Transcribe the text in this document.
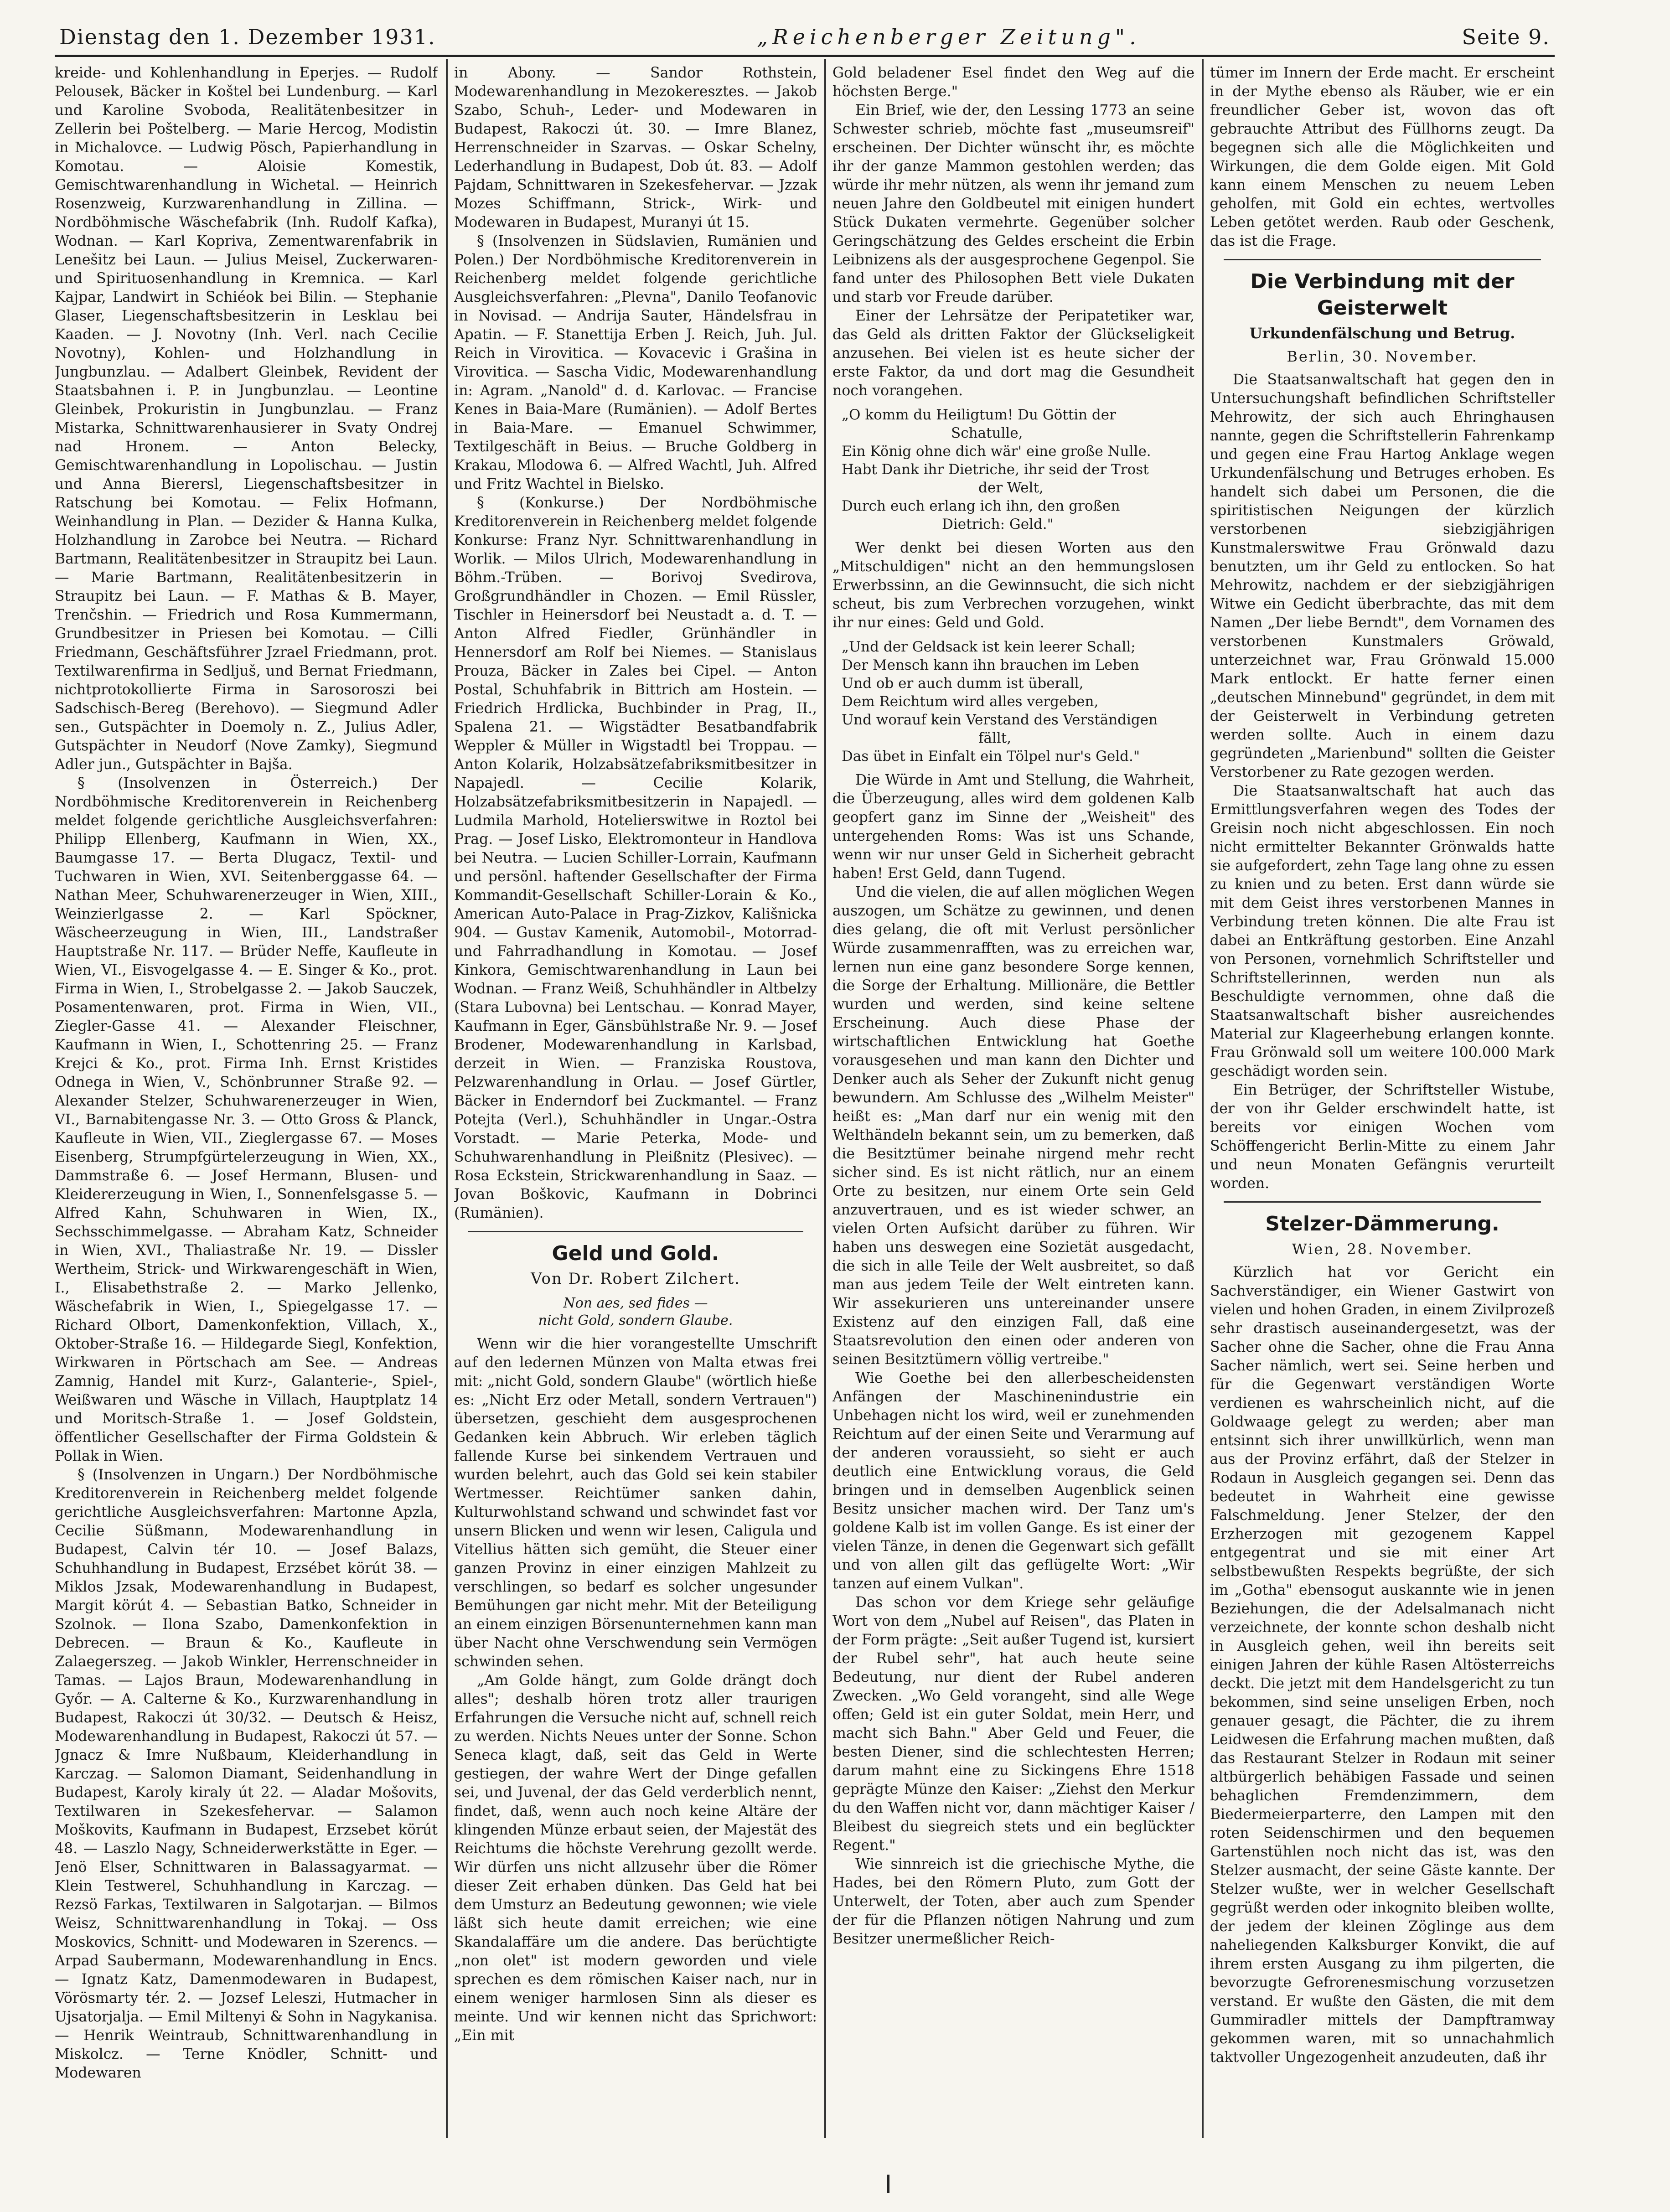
Dienstag den 1. Dezember 1931.	„Reichenberger Zeitung".	Seite 9.

kreide- und Kohlenhandlung in Eperjes. — Rudolf Pelousek, Bäcker in Koštel bei Lundenburg. — Karl und Karoline Svoboda, Realitätenbesitzer in Zellerin bei Poštelberg. — Marie Hercog, Modistin in Michalovce. — Ludwig Pösch, Papierhandlung in Komotau. — Aloisie Komestik, Gemischtwarenhandlung in Wichetal. — Heinrich Rosenzweig, Kurzwarenhandlung in Zillina. — Nordböhmische Wäschefabrik (Inh. Rudolf Kafka), Wodnan. — Karl Kopriva, Zementwarenfabrik in Lenešitz bei Laun. — Julius Meisel, Zuckerwaren- und Spirituosenhandlung in Kremnica. — Karl Kajpar, Landwirt in Schiéok bei Bilin. — Stephanie Glaser, Liegenschaftsbesitzerin in Lesklau bei Kaaden. — J. Novotny (Inh. Verl. nach Cecilie Novotny), Kohlen- und Holzhandlung in Jungbunzlau. — Adalbert Gleinbek, Revident der Staatsbahnen i. P. in Jungbunzlau. — Leontine Gleinbek, Prokuristin in Jungbunzlau. — Franz Mistarka, Schnittwarenhausierer in Svaty Ondrej nad Hronem. — Anton Belecky, Gemischtwarenhandlung in Lopolischau. — Justin und Anna Bierersl, Liegenschaftsbesitzer in Ratschung bei Komotau. — Felix Hofmann, Weinhandlung in Plan. — Dezider & Hanna Kulka, Holzhandlung in Zarobce bei Neutra. — Richard Bartmann, Realitätenbesitzer in Straupitz bei Laun. — Marie Bartmann, Realitätenbesitzerin in Straupitz bei Laun. — F. Mathas & B. Mayer, Trenčshin. — Friedrich und Rosa Kummermann, Grundbesitzer in Priesen bei Komotau. — Cilli Friedmann, Geschäftsführer Jzrael Friedmann, prot. Textilwarenfirma in Sedljuš, und Bernat Friedmann, nichtprotokollierte Firma in Sarosoroszi bei Sadschisch-Bereg (Berehovo). — Siegmund Adler sen., Gutspächter in Doemoly n. Z., Julius Adler, Gutspächter in Neudorf (Nove Zamky), Siegmund Adler jun., Gutspächter in Bajša.

§ (Insolvenzen in Österreich.) Der Nordböhmische Kreditorenverein in Reichenberg meldet folgende gerichtliche Ausgleichsverfahren: Philipp Ellenberg, Kaufmann in Wien, XX., Baumgasse 17. — Berta Dlugacz, Textil- und Tuchwaren in Wien, XVI. Seitenberggasse 64. — Nathan Meer, Schuhwarenerzeuger in Wien, XIII., Weinzierlgasse 2. — Karl Spöckner, Wäscheerzeugung in Wien, III., Landstraßer Hauptstraße Nr. 117. — Brüder Neffe, Kaufleute in Wien, VI., Eisvogelgasse 4. — E. Singer & Ko., prot. Firma in Wien, I., Strobelgasse 2. — Jakob Sauczek, Posamentenwaren, prot. Firma in Wien, VII., Ziegler-Gasse 41. — Alexander Fleischner, Kaufmann in Wien, I., Schottenring 25. — Franz Krejci & Ko., prot. Firma Inh. Ernst Kristides Odnega in Wien, V., Schönbrunner Straße 92. — Alexander Stelzer, Schuhwarenerzeuger in Wien, VI., Barnabitengasse Nr. 3. — Otto Gross & Planck, Kaufleute in Wien, VII., Zieglergasse 67. — Moses Eisenberg, Strumpfgürtelerzeugung in Wien, XX., Dammstraße 6. — Josef Hermann, Blusen- und Kleidererzeugung in Wien, I., Sonnenfelsgasse 5. — Alfred Kahn, Schuhwaren in Wien, IX., Sechsschimmelgasse. — Abraham Katz, Schneider in Wien, XVI., Thaliastraße Nr. 19. — Dissler Wertheim, Strick- und Wirkwarengeschäft in Wien, I., Elisabethstraße 2. — Marko Jellenko, Wäschefabrik in Wien, I., Spiegelgasse 17. — Richard Olbort, Damenkonfektion, Villach, X., Oktober-Straße 16. — Hildegarde Siegl, Konfektion, Wirkwaren in Pörtschach am See. — Andreas Zamnig, Handel mit Kurz-, Galanterie-, Spiel-, Weißwaren und Wäsche in Villach, Hauptplatz 14 und Moritsch-Straße 1. — Josef Goldstein, öffentlicher Gesellschafter der Firma Goldstein & Pollak in Wien.

§ (Insolvenzen in Ungarn.) Der Nordböhmische Kreditorenverein in Reichenberg meldet folgende gerichtliche Ausgleichsverfahren: Martonne Apzla, Cecilie Süßmann, Modewarenhandlung in Budapest, Calvin tér 10. — Josef Balazs, Schuhhandlung in Budapest, Erzsébet körút 38. — Miklos Jzsak, Modewarenhandlung in Budapest, Margit körút 4. — Sebastian Batko, Schneider in Szolnok. — Ilona Szabo, Damenkonfektion in Debrecen. — Braun & Ko., Kaufleute in Zalaegerszeg. — Jakob Winkler, Herrenschneider in Tamas. — Lajos Braun, Modewarenhandlung in Győr. — A. Calterne & Ko., Kurzwarenhandlung in Budapest, Rakoczi út 30/32. — Deutsch & Heisz, Modewarenhandlung in Budapest, Rakoczi út 57. — Jgnacz & Imre Nußbaum, Kleiderhandlung in Karczag. — Salomon Diamant, Seidenhandlung in Budapest, Karoly kiraly út 22. — Aladar Mošovits, Textilwaren in Szekesfehervar. — Salamon Moškovits, Kaufmann in Budapest, Erzsebet körút 48. — Laszlo Nagy, Schneiderwerkstätte in Eger. — Jenö Elser, Schnittwaren in Balassagyarmat. — Klein Testwerel, Schuhhandlung in Karczag. — Rezsö Farkas, Textilwaren in Salgotarjan. — Bilmos Weisz, Schnittwarenhandlung in Tokaj. — Oss Moskovics, Schnitt- und Modewaren in Szerencs. — Arpad Saubermann, Modewarenhandlung in Encs. — Ignatz Katz, Damenmodewaren in Budapest, Vörösmarty tér. 2. — Jozsef Leleszi, Hutmacher in Ujsatorjalja. — Emil Miltenyi & Sohn in Nagykanisa. — Henrik Weintraub, Schnittwarenhandlung in Miskolcz. — Terne Knödler, Schnitt- und Modewaren

in Abony. — Sandor Rothstein, Modewarenhandlung in Mezokeresztes. — Jakob Szabo, Schuh-, Leder- und Modewaren in Budapest, Rakoczi út. 30. — Imre Blanez, Herrenschneider in Szarvas. — Oskar Schelny, Lederhandlung in Budapest, Dob út. 83. — Adolf Pajdam, Schnittwaren in Szekesfehervar. — Jzzak Mozes Schiffmann, Strick-, Wirk- und Modewaren in Budapest, Muranyi út 15.

§ (Insolvenzen in Südslavien, Rumänien und Polen.) Der Nordböhmische Kreditorenverein in Reichenberg meldet folgende gerichtliche Ausgleichsverfahren: „Plevna", Danilo Teofanovic in Novisad. — Andrija Sauter, Händelsfrau in Apatin. — F. Stanettija Erben J. Reich, Juh. Jul. Reich in Virovitica. — Kovacevic i Grašina in Virovitica. — Sascha Vidic, Modewarenhandlung in: Agram. „Nanold" d. d. Karlovac. — Francise Kenes in Baia-Mare (Rumänien). — Adolf Bertes in Baia-Mare. — Emanuel Schwimmer, Textilgeschäft in Beius. — Bruche Goldberg in Krakau, Mlodowa 6. — Alfred Wachtl, Juh. Alfred und Fritz Wachtel in Bielsko.

§ (Konkurse.) Der Nordböhmische Kreditorenverein in Reichenberg meldet folgende Konkurse: Franz Nyr. Schnittwarenhandlung in Worlik. — Milos Ulrich, Modewarenhandlung in Böhm.-Trüben. — Borivoj Svedirova, Großgrundhändler in Chozen. — Emil Rüssler, Tischler in Heinersdorf bei Neustadt a. d. T. — Anton Alfred Fiedler, Grünhändler in Hennersdorf am Rolf bei Niemes. — Stanislaus Prouza, Bäcker in Zales bei Cipel. — Anton Postal, Schuhfabrik in Bittrich am Hostein. — Friedrich Hrdlicka, Buchbinder in Prag, II., Spalena 21. — Wigstädter Besatbandfabrik Weppler & Müller in Wigstadtl bei Troppau. — Anton Kolarik, Holzabsätzefabriksmitbesitzer in Napajedl. — Cecilie Kolarik, Holzabsätzefabriksmitbesitzerin in Napajedl. — Ludmila Marhold, Hotelierswitwe in Roztol bei Prag. — Josef Lisko, Elektromonteur in Handlova bei Neutra. — Lucien Schiller-Lorrain, Kaufmann und persönl. haftender Gesellschafter der Firma Kommandit-Gesellschaft Schiller-Lorain & Ko., American Auto-Palace in Prag-Zizkov, Kališnicka 904. — Gustav Kamenik, Automobil-, Motorrad- und Fahrradhandlung in Komotau. — Josef Kinkora, Gemischtwarenhandlung in Laun bei Wodnan. — Franz Weiß, Schuhhändler in Altbelzy (Stara Lubovna) bei Lentschau. — Konrad Mayer, Kaufmann in Eger, Gänsbühlstraße Nr. 9. — Josef Brodener, Modewarenhandlung in Karlsbad, derzeit in Wien. — Franziska Roustova, Pelzwarenhandlung in Orlau. — Josef Gürtler, Bäcker in Enderndorf bei Zuckmantel. — Franz Potejta (Verl.), Schuhhändler in Ungar.-Ostra Vorstadt. — Marie Peterka, Mode- und Schuhwarenhandlung in Pleißnitz (Plesivec). — Rosa Eckstein, Strickwarenhandlung in Saaz. — Jovan Boškovic, Kaufmann in Dobrinci (Rumänien).

Geld und Gold.
Von Dr. Robert Zilchert.
Non aes, sed fides —
nicht Gold, sondern Glaube.

Wenn wir die hier vorangestellte Umschrift auf den ledernen Münzen von Malta etwas frei mit: „nicht Gold, sondern Glaube" (wörtlich hieße es: „Nicht Erz oder Metall, sondern Vertrauen") übersetzen, geschieht dem ausgesprochenen Gedanken kein Abbruch. Wir erleben täglich fallende Kurse bei sinkendem Vertrauen und wurden belehrt, auch das Gold sei kein stabiler Wertmesser. Reichtümer sanken dahin, Kulturwohlstand schwand und schwindet fast vor unsern Blicken und wenn wir lesen, Caligula und Vitellius hätten sich gemüht, die Steuer einer ganzen Provinz in einer einzigen Mahlzeit zu verschlingen, so bedarf es solcher ungesunder Bemühungen gar nicht mehr. Mit der Beteiligung an einem einzigen Börsenunternehmen kann man über Nacht ohne Verschwendung sein Vermögen schwinden sehen.

„Am Golde hängt, zum Golde drängt doch alles"; deshalb hören trotz aller traurigen Erfahrungen die Versuche nicht auf, schnell reich zu werden. Nichts Neues unter der Sonne. Schon Seneca klagt, daß, seit das Geld in Werte gestiegen, der wahre Wert der Dinge gefallen sei, und Juvenal, der das Geld verderblich nennt, findet, daß, wenn auch noch keine Altäre der klingenden Münze erbaut seien, der Majestät des Reichtums die höchste Verehrung gezollt werde. Wir dürfen uns nicht allzusehr über die Römer dieser Zeit erhaben dünken. Das Geld hat bei dem Umsturz an Bedeutung gewonnen; wie viele läßt sich heute damit erreichen; wie eine Skandalaffäre um die andere. Das berüchtigte „non olet" ist modern geworden und viele sprechen es dem römischen Kaiser nach, nur in einem weniger harmlosen Sinn als dieser es meinte. Und wir kennen nicht das Sprichwort: „Ein mit

Gold beladener Esel findet den Weg auf die höchsten Berge."

Ein Brief, wie der, den Lessing 1773 an seine Schwester schrieb, möchte fast „museumsreif" erscheinen. Der Dichter wünscht ihr, es möchte ihr der ganze Mammon gestohlen werden; das würde ihr mehr nützen, als wenn ihr jemand zum neuen Jahre den Goldbeutel mit einigen hundert Stück Dukaten vermehrte. Gegenüber solcher Geringschätzung des Geldes erscheint die Erbin Leibnizens als der ausgesprochene Gegenpol. Sie fand unter des Philosophen Bett viele Dukaten und starb vor Freude darüber.

Einer der Lehrsätze der Peripatetiker war, das Geld als dritten Faktor der Glückseligkeit anzusehen. Bei vielen ist es heute sicher der erste Faktor, da und dort mag die Gesundheit noch vorangehen.

„O komm du Heiligtum! Du Göttin der
Schatulle,
Ein König ohne dich wär' eine große Nulle.
Habt Dank ihr Dietriche, ihr seid der Trost
der Welt,
Durch euch erlang ich ihn, den großen
Dietrich: Geld."

Wer denkt bei diesen Worten aus den „Mitschuldigen" nicht an den hemmungslosen Erwerbssinn, an die Gewinnsucht, die sich nicht scheut, bis zum Verbrechen vorzugehen, winkt ihr nur eines: Geld und Gold.

„Und der Geldsack ist kein leerer Schall;
Der Mensch kann ihn brauchen im Leben
Und ob er auch dumm ist überall,
Dem Reichtum wird alles vergeben,
Und worauf kein Verstand des Verständigen
fällt,
Das übet in Einfalt ein Tölpel nur's Geld."

Die Würde in Amt und Stellung, die Wahrheit, die Überzeugung, alles wird dem goldenen Kalb geopfert ganz im Sinne der „Weisheit" des untergehenden Roms: Was ist uns Schande, wenn wir nur unser Geld in Sicherheit gebracht haben! Erst Geld, dann Tugend.

Und die vielen, die auf allen möglichen Wegen auszogen, um Schätze zu gewinnen, und denen dies gelang, die oft mit Verlust persönlicher Würde zusammenrafften, was zu erreichen war, lernen nun eine ganz besondere Sorge kennen, die Sorge der Erhaltung. Millionäre, die Bettler wurden und werden, sind keine seltene Erscheinung. Auch diese Phase der wirtschaftlichen Entwicklung hat Goethe vorausgesehen und man kann den Dichter und Denker auch als Seher der Zukunft nicht genug bewundern. Am Schlusse des „Wilhelm Meister" heißt es: „Man darf nur ein wenig mit den Welthändeln bekannt sein, um zu bemerken, daß die Besitztümer beinahe nirgend mehr recht sicher sind. Es ist nicht rätlich, nur an einem Orte zu besitzen, nur einem Orte sein Geld anzuvertrauen, und es ist wieder schwer, an vielen Orten Aufsicht darüber zu führen. Wir haben uns deswegen eine Sozietät ausgedacht, die sich in alle Teile der Welt ausbreitet, so daß man aus jedem Teile der Welt eintreten kann. Wir assekurieren uns untereinander unsere Existenz auf den einzigen Fall, daß eine Staatsrevolution den einen oder anderen von seinen Besitztümern völlig vertreibe."

Wie Goethe bei den allerbescheidensten Anfängen der Maschinenindustrie ein Unbehagen nicht los wird, weil er zunehmenden Reichtum auf der einen Seite und Verarmung auf der anderen voraussieht, so sieht er auch deutlich eine Entwicklung voraus, die Geld bringen und in demselben Augenblick seinen Besitz unsicher machen wird. Der Tanz um's goldene Kalb ist im vollen Gange. Es ist einer der vielen Tänze, in denen die Gegenwart sich gefällt und von allen gilt das geflügelte Wort: „Wir tanzen auf einem Vulkan".

Das schon vor dem Kriege sehr geläufige Wort von dem „Nubel auf Reisen", das Platen in der Form prägte: „Seit außer Tugend ist, kursiert der Rubel sehr", hat auch heute seine Bedeutung, nur dient der Rubel anderen Zwecken. „Wo Geld vorangeht, sind alle Wege offen; Geld ist ein guter Soldat, mein Herr, und macht sich Bahn." Aber Geld und Feuer, die besten Diener, sind die schlechtesten Herren; darum mahnt eine zu Sickingens Ehre 1518 geprägte Münze den Kaiser: „Ziehst den Merkur du den Waffen nicht vor, dann mächtiger Kaiser / Bleibest du siegreich stets und ein beglückter Regent."

Wie sinnreich ist die griechische Mythe, die Hades, bei den Römern Pluto, zum Gott der Unterwelt, der Toten, aber auch zum Spender der für die Pflanzen nötigen Nahrung und zum Besitzer unermeßlicher Reich-

tümer im Innern der Erde macht. Er erscheint in der Mythe ebenso als Räuber, wie er ein freundlicher Geber ist, wovon das oft gebrauchte Attribut des Füllhorns zeugt. Da begegnen sich alle die Möglichkeiten und Wirkungen, die dem Golde eigen. Mit Gold kann einem Menschen zu neuem Leben geholfen, mit Gold ein echtes, wertvolles Leben getötet werden. Raub oder Geschenk, das ist die Frage.

Die Verbindung mit der Geisterwelt
Urkundenfälschung und Betrug.
Berlin, 30. November.

Die Staatsanwaltschaft hat gegen den in Untersuchungshaft befindlichen Schriftsteller Mehrowitz, der sich auch Ehringhausen nannte, gegen die Schriftstellerin Fahrenkamp und gegen eine Frau Hartog Anklage wegen Urkundenfälschung und Betruges erhoben. Es handelt sich dabei um Personen, die die spiritistischen Neigungen der kürzlich verstorbenen siebzigjährigen Kunstmalerswitwe Frau Grönwald dazu benutzten, um ihr Geld zu entlocken. So hat Mehrowitz, nachdem er der siebzigjährigen Witwe ein Gedicht überbrachte, das mit dem Namen „Der liebe Berndt", dem Vornamen des verstorbenen Kunstmalers Gröwald, unterzeichnet war, Frau Grönwald 15.000 Mark entlockt. Er hatte ferner einen „deutschen Minnebund" gegründet, in dem mit der Geisterwelt in Verbindung getreten werden sollte. Auch in einem dazu gegründeten „Marienbund" sollten die Geister Verstorbener zu Rate gezogen werden.

Die Staatsanwaltschaft hat auch das Ermittlungsverfahren wegen des Todes der Greisin noch nicht abgeschlossen. Ein noch nicht ermittelter Bekannter Grönwalds hatte sie aufgefordert, zehn Tage lang ohne zu essen zu knien und zu beten. Erst dann würde sie mit dem Geist ihres verstorbenen Mannes in Verbindung treten können. Die alte Frau ist dabei an Entkräftung gestorben. Eine Anzahl von Personen, vornehmlich Schriftsteller und Schriftstellerinnen, werden nun als Beschuldigte vernommen, ohne daß die Staatsanwaltschaft bisher ausreichendes Material zur Klageerhebung erlangen konnte. Frau Grönwald soll um weitere 100.000 Mark geschädigt worden sein.

Ein Betrüger, der Schriftsteller Wistube, der von ihr Gelder erschwindelt hatte, ist bereits vor einigen Wochen vom Schöffengericht Berlin-Mitte zu einem Jahr und neun Monaten Gefängnis verurteilt worden.

Stelzer-Dämmerung.
Wien, 28. November.

Kürzlich hat vor Gericht ein Sachverständiger, ein Wiener Gastwirt von vielen und hohen Graden, in einem Zivilprozeß sehr drastisch auseinandergesetzt, was der Sacher ohne die Sacher, ohne die Frau Anna Sacher nämlich, wert sei. Seine herben und für die Gegenwart verständigen Worte verdienen es wahrscheinlich nicht, auf die Goldwaage gelegt zu werden; aber man entsinnt sich ihrer unwillkürlich, wenn man aus der Provinz erfährt, daß der Stelzer in Rodaun in Ausgleich gegangen sei. Denn das bedeutet in Wahrheit eine gewisse Falschmeldung. Jener Stelzer, der den Erzherzogen mit gezogenem Kappel entgegentrat und sie mit einer Art selbstbewußten Respekts begrüßte, der sich im „Gotha" ebensogut auskannte wie in jenen Beziehungen, die der Adelsalmanach nicht verzeichnete, der konnte schon deshalb nicht in Ausgleich gehen, weil ihn bereits seit einigen Jahren der kühle Rasen Altösterreichs deckt. Die jetzt mit dem Handelsgericht zu tun bekommen, sind seine unseligen Erben, noch genauer gesagt, die Pächter, die zu ihrem Leidwesen die Erfahrung machen mußten, daß das Restaurant Stelzer in Rodaun mit seiner altbürgerlich behäbigen Fassade und seinen behaglichen Fremdenzimmern, dem Biedermeierparterre, den Lampen mit den roten Seidenschirmen und den bequemen Gartenstühlen noch nicht das ist, was den Stelzer ausmacht, der seine Gäste kannte. Der Stelzer wußte, wer in welcher Gesellschaft gegrüßt werden oder inkognito bleiben wollte, der jedem der kleinen Zöglinge aus dem naheliegenden Kalksburger Konvikt, die auf ihrem ersten Ausgang zu ihm pilgerten, die bevorzugte Gefrorenesmischung vorzusetzen verstand. Er wußte den Gästen, die mit dem Gummiradler mittels der Dampftramway gekommen waren, mit so unnachahmlich taktvoller Ungezogenheit anzudeuten, daß ihr
